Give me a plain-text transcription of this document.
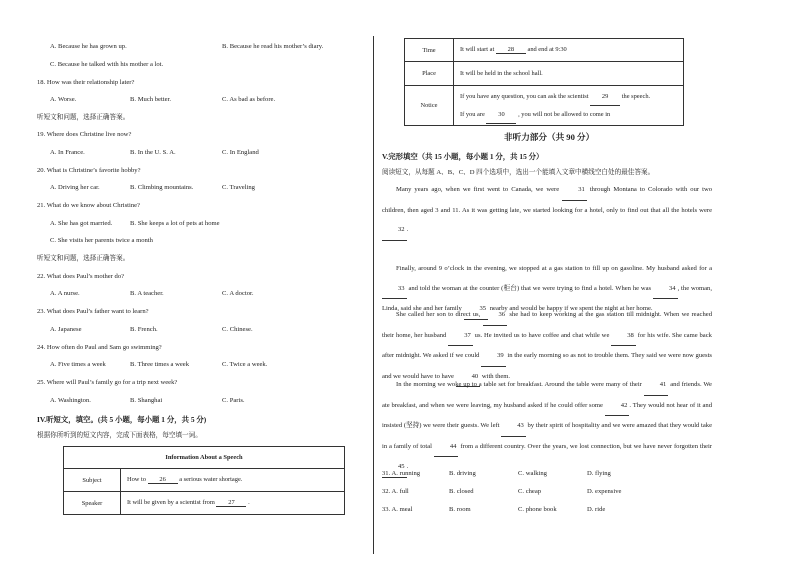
A. Because he has grown up.	B. Because he read his mother’s diary.
C. Because he talked with his mother a lot.
18. How was their relationship later?
A. Worse.	B. Much better.	C. As bad as before.
听短文和问题，选择正确答案。
19. Where does Christine live now?
A. In France.	B. In the U. S. A.	C. In England
20. What is Christine’s favorite hobby?
A. Driving her car.	B. Climbing mountains.	C. Traveling
21. What do we know about Christine?
A. She has got married.	B. She keeps a lot of pets at home
C. She visits her parents twice a month
听短文和问题，选择正确答案。
22. What does Paul’s mother do?
A. A nurse.	B. A teacher.	C. A doctor.
23. What does Paul’s father want to learn?
A. Japanese	B. French.	C. Chinese.
24. How often do Paul and Sam go swimming?
A. Five times a week	B. Three times a week	C. Twice a week.
25. Where will Paul’s family go for a trip next week?
A. Washington.	B. Shanghai	C. Paris.
IV.听短文，填空。(共 5 小题，每小题 1 分，共 5 分)
根据你所听到的短文内容，完成下面表格，每空填一词。
Information About a Speech	
Subject	How to 26 a serious water shortage.
Speaker	It will be given by a scientist from 27 .
Time	It will start at 28 and end at 9:30
Place	It will be held in the school hall.
Notice	If you have any question, you can ask the scientist 29 the speech.
If you are 30 , you will not be allowed to come in
非听力部分（共 90 分）
V.完形填空（共 15 小题，每小题 1 分，共 15 分）
阅读短文，从每题 A、B、C、D 四个选项中，选出一个能填入文章中横线空白处的最佳答案。
Many years ago, when we first went to Canada, we were	31 through Montana to Colorado with our two children, then aged 3 and 11. As it was getting late, we started looking for a hotel, only to find out that all the hotels were 32 .
Finally, around 9 o’clock in the evening, we stopped at a gas station to fill up on gasoline. My husband asked for a 33 and told the woman at the counter (柜台) that we were trying to find a hotel. When he was	34 , the woman, Linda, said she and her family	35 nearby and would be happy if we spent the night at her home.
She called her son to direct us,	36 she had to keep working at the gas station till midnight. When we reached their home, her husband	37 us. He invited us to have coffee and chat while we	38 for his wife. She came back after midnight. We asked if we could	39 in the early morning so as not to trouble them. They said we were now guests and we would have to have	40 with them.
In the morning we woke up to a table set for breakfast. Around the table were many of their	41 and friends. We ate breakfast, and when we were leaving, my husband asked if he could offer some	42 . They would not hear of it and insisted (坚持) we were their guests. We left	43 by their spirit of hospitality and we were amazed that they would take in a family of total	44 from a different country. Over the years, we lost connection, but we have never forgotten their 45 .
31. A. running	B. driving	C. walking	D. flying
32. A. full	B. closed	C. cheap	D. expensive
33. A. meal	B. room	C. phone book	D. ride
